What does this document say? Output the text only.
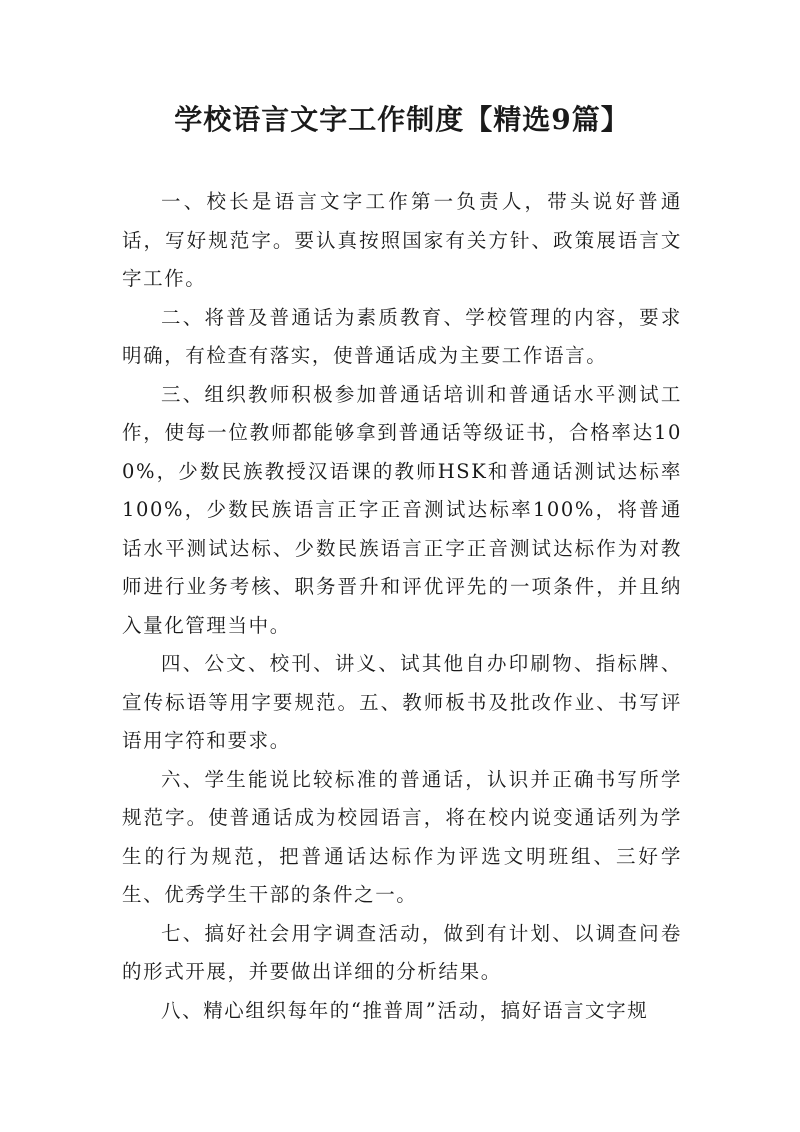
学校语言文字工作制度【精选9篇】

一、校长是语言文字工作第一负责人，带头说好普通话，写好规范字。要认真按照国家有关方针、政策展语言文字工作。

二、将普及普通话为素质教育、学校管理的内容，要求明确，有检查有落实，使普通话成为主要工作语言。

三、组织教师积极参加普通话培训和普通话水平测试工作，使每一位教师都能够拿到普通话等级证书，合格率达100%，少数民族教授汉语课的教师HSK和普通话测试达标率100%，少数民族语言正字正音测试达标率100%，将普通话水平测试达标、少数民族语言正字正音测试达标作为对教师进行业务考核、职务晋升和评优评先的一项条件，并且纳入量化管理当中。

四、公文、校刊、讲义、试其他自办印刷物、指标牌、宣传标语等用字要规范。五、教师板书及批改作业、书写评语用字符和要求。

六、学生能说比较标准的普通话，认识并正确书写所学规范字。使普通话成为校园语言，将在校内说变通话列为学生的行为规范，把普通话达标作为评选文明班组、三好学生、优秀学生干部的条件之一。

七、搞好社会用字调查活动，做到有计划、以调查问卷的形式开展，并要做出详细的分析结果。

八、精心组织每年的“推普周”活动，搞好语言文字规
